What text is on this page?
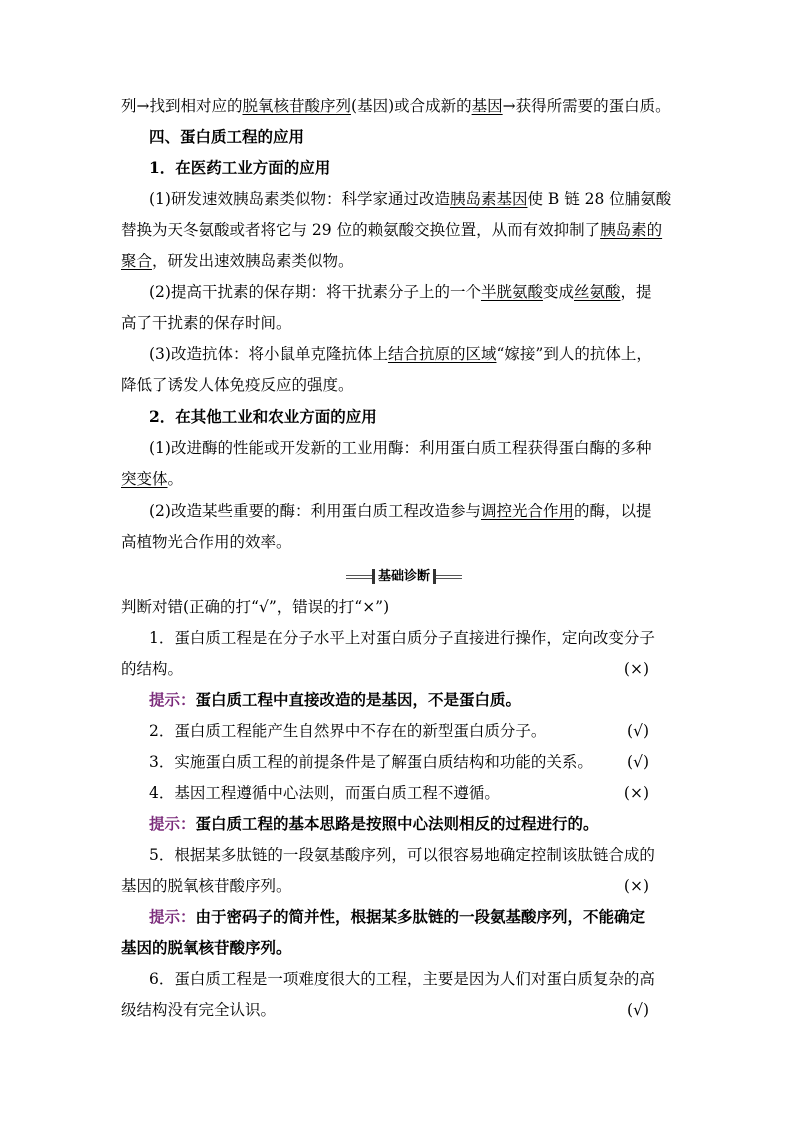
列→找到相对应的脱氧核苷酸序列(基因)或合成新的基因→获得所需要的蛋白质。
四、蛋白质工程的应用
1．在医药工业方面的应用
(1)研发速效胰岛素类似物：科学家通过改造胰岛素基因使 B 链 28 位脯氨酸
替换为天冬氨酸或者将它与 29 位的赖氨酸交换位置，从而有效抑制了胰岛素的
聚合，研发出速效胰岛素类似物。
(2)提高干扰素的保存期：将干扰素分子上的一个半胱氨酸变成丝氨酸，提
高了干扰素的保存时间。
(3)改造抗体：将小鼠单克隆抗体上结合抗原的区域“嫁接”到人的抗体上，
降低了诱发人体免疫反应的强度。
2．在其他工业和农业方面的应用
(1)改进酶的性能或开发新的工业用酶：利用蛋白质工程获得蛋白酶的多种
突变体。
(2)改造某些重要的酶：利用蛋白质工程改造参与调控光合作用的酶，以提
高植物光合作用的效率。
基础诊断
判断对错(正确的打“√”，错误的打“×”)
1．蛋白质工程是在分子水平上对蛋白质分子直接进行操作，定向改变分子
的结构。	(×)
提示：蛋白质工程中直接改造的是基因，不是蛋白质。
2．蛋白质工程能产生自然界中不存在的新型蛋白质分子。	(√)
3．实施蛋白质工程的前提条件是了解蛋白质结构和功能的关系。 (√)
4．基因工程遵循中心法则，而蛋白质工程不遵循。	(×)
提示：蛋白质工程的基本思路是按照中心法则相反的过程进行的。
5．根据某多肽链的一段氨基酸序列，可以很容易地确定控制该肽链合成的
基因的脱氧核苷酸序列。	(×)
提示：由于密码子的简并性，根据某多肽链的一段氨基酸序列，不能确定
基因的脱氧核苷酸序列。
6．蛋白质工程是一项难度很大的工程，主要是因为人们对蛋白质复杂的高
级结构没有完全认识。	(√)
